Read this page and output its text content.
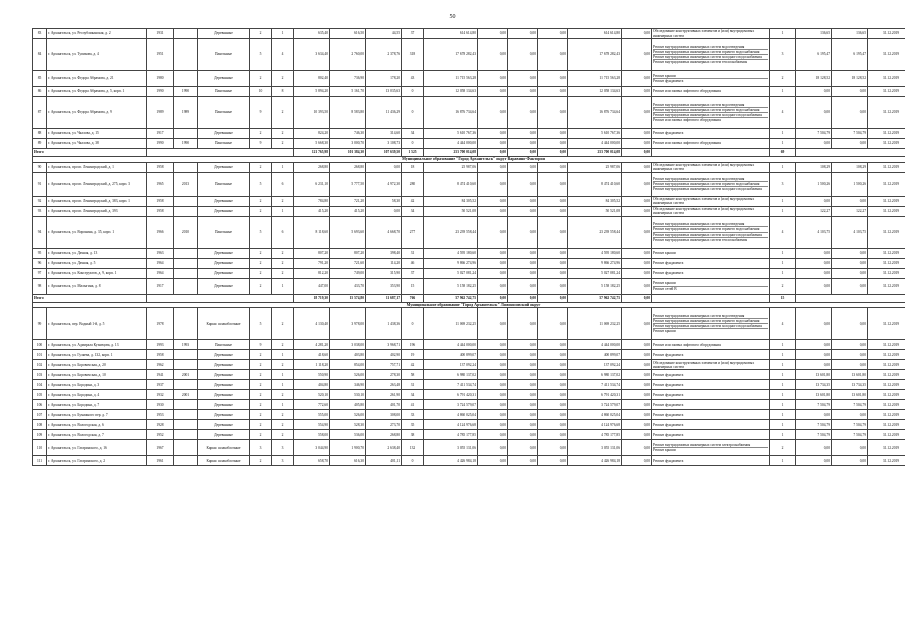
50
83	г. Архангельск, ул. Республиканская, д. 2	1931		Деревянные	2	1	635,40	616,50	44,55	37	614 614,80	0,00	0,00	0,00	614 614,80	0,00	Обследование конструктивных элементов и (или) внутридомовых инженерных систем	1	136,65	136,65	31.12.2019
84	г. Архангельск, ул. Тупикова, д. 4	1951		Панельные	5	4	3 634,40	2 760,00	2 378,76	318	17 678 282,43	0,00	0,00	0,00	17 678 282,43	0,00	Ремонт внутридомовых инженерных систем водоотведения
Ремонт внутридомовых инженерных систем горячего водоснабжения
Ремонт внутридомовых инженерных систем холодного водоснабжения
Ремонт внутридомовых инженерных систем теплоснабжения	3	6 195,47	6 195,47	31.12.2019
85	г. Архангельск, ул. Федора Абрамова, д. 21	1980		Деревянные	2	2	802,40	736,90	178,20	43	11 715 563,28	0,00	0,00	0,00	11 715 563,28	0,00	Ремонт крыши
Ремонт фундамента	2	18 128,52	18 128,52	31.12.2019
86	г. Архангельск, ул. Федора Абрамова, д. 5, корп. 1	1990	1990	Панельные	10	8	5 894,20	5 161,70	13 035,63	0	12 058 134,63	0,00	0,00	0,00	12 058 134,63	0,00	Ремонт или замена лифтового оборудования	1	0,00	0,00	31.12.2019
87	г. Архангельск, ул. Федора Абрамова, д. 9	1989	1989	Панельные	9	2	10 393,50	8 583,80	11 436,29	0	16 876 734,64	0,00	0,00	0,00	16 876 734,64	0,00	Ремонт внутридомовых инженерных систем водоотведения
Ремонт внутридомовых инженерных систем горячего водоснабжения
Ремонт внутридомовых инженерных систем холодного водоснабжения
Ремонт или замена лифтового оборудования	4	0,00	0,00	31.12.2019
88	г. Архангельск, ул. Чкалова, д. 15	1917		Деревянные	2	2	824,20	746,30	314,60	34	5 610 767,36	0,00	0,00	0,00	5 610 767,36	0,00	Ремонт фундамента	1	7 504,79	7 504,79	31.12.2019
89	г. Архангельск, ул. Чкалова, д. 38	1990	1990	Панельные	9	2	5 668,30	3 000,70	3 108,73	0	4 444 000,00	0,00	0,00	0,00	4 444 000,00	0,00	Ремонт или замена лифтового оборудования	1	0,00	0,00	31.12.2019
Итого							121 765,98	101 384,30	107 639,50	1 525	253 700 014,08	0,00	0,00	0,00	253 700 014,08	0,00		69			
Муниципальное образование "Город Архангельск" округ Варавино-Фактория																					
90	г. Архангельск, просп. Ленинградский, д. 1	1958		Деревянные	2	1	268,80	268,80	0,00	18	25 987,06	0,00	0,00	0,00	25 987,06	0,00	Обследование конструктивных элементов и (или) внутридомовых инженерных систем	1	108,29	108,29	31.12.2019
91	г. Архангельск, просп. Ленинградский, д. 275, корп. 3	1965	2013	Панельные	5	6	6 231,10	5 777,50	4 972,30	280	8 474 410,60	0,00	0,00	0,00	8 474 410,60	0,00	Ремонт внутридомовых инженерных систем водоотведения
Ремонт внутридомовых инженерных систем горячего водоснабжения
Ремонт внутридомовых инженерных систем холодного водоснабжения	3	1 500,26	1 500,26	31.12.2019
92	г. Архангельск, просп. Ленинградский, д. 383, корп. 1	1958		Деревянные	2	2	784,80	721,20	58,30	42	84 305,52	0,00	0,00	0,00	84 305,52	0,00	Обследование конструктивных элементов и (или) внутридомовых инженерных систем	1	0,00	0,00	31.12.2019
93	г. Архангельск, просп. Ленинградский, д. 393	1958		Деревянные	2	1	415,20	415,20	0,00	34	50 521,08	0,00	0,00	0,00	50 521,08	0,00	Обследование конструктивных элементов и (или) внутридомовых инженерных систем	1	122,27	122,27	31.12.2019
94	г. Архангельск, ул. Воронина, д. 35, корп. 1	1966	2010	Панельные	5	6	8 118,60	5 693,60	4 668,70	277	23 239 558,44	0,00	0,00	0,00	23 239 558,44	0,00	Ремонт внутридомовых инженерных систем водоотведения
Ремонт внутридомовых инженерных систем горячего водоснабжения
Ремонт внутридомовых инженерных систем холодного водоснабжения
Ремонт внутридомовых инженерных систем теплоснабжения	4	4 103,75	4 103,75	31.12.2019
95	г. Архангельск, ул. Дачная, д. 13	1963		Деревянные	2	2	807,20	807,20	398,40	31	4 595 180,60	0,00	0,00	0,00	4 595 180,60	0,00	Ремонт крыши	1	0,00	0,00	31.12.2019
96	г. Архангельск, ул. Дачная, д. 5	1964		Деревянные	2	2	791,20	721,60	114,20	46	9 866 274,96	0,00	0,00	0,00	9 866 274,96	0,00	Ремонт фундамента	1	0,00	0,00	31.12.2019
97	г. Архангельск, ул. Конструктов, д. 9, корп. 1	1964		Деревянные	2	2	812,20	749,00	315,90	37	5 027 081,24	0,00	0,00	0,00	5 027 081,24	0,00	Ремонт фундамента	1	0,00	0,00	31.12.2019
98	г. Архангельск, ул. Малыгина, д. 8	1917		Деревянные	2	1	447,00	433,70	353,90	15	5 158 182,25	0,00	0,00	0,00	5 158 182,25	0,00	Ремонт крыши
Ремонт сетей В	2	0,00	0,00	31.12.2019
Итого							18 719,30	15 574,80	11 687,17	766	57 962 742,75	0,00	0,00	0,00	57 962 742,75	0,00		15			
Муниципальное образование "Город Архангельск" Ломоносовский округ																					
99	г. Архангельск, пер. Водный 1-й, д. 5	1978		Каркас шлакоблочные	5	2	4 130,40	3 978,00	1 438,36	0	11 069 232,25	0,00	0,00	0,00	11 069 232,25	0,00	Ремонт внутридомовых инженерных систем водоотведения
Ремонт внутридомовых инженерных систем горячего водоснабжения
Ремонт внутридомовых инженерных систем холодного водоснабжения
Ремонт крыши	4	0,00	0,00	31.12.2019
100	г. Архангельск, ул. Адмирала Кузнецова, д. 13	1993	1993	Панельные	9	2	4 281,20	3 038,00	3 968,71	196	4 444 000,00	0,00	0,00	0,00	4 444 000,00	0,00	Ремонт или замена лифтового оборудования	1	0,00	0,00	31.12.2019
101	г. Архангельск, ул. Гуляева, д. 132, корп. 1	1958		Деревянные	2	1	418,60	403,80	402,90	19	400 899,07	0,00	0,00	0,00	400 899,07	0,00	Ремонт фундамента	1	0,00	0,00	31.12.2019
102	г. Архангельск, ул. Боровичская, д. 20	1962		Деревянные	2	2	1 118,20	854,00	757,71	42	137 092,24	0,00	0,00	0,00	137 092,24	0,00	Обследование конструктивных элементов и (или) внутридомовых инженерных систем	1	0,00	0,00	31.12.2019
103	г. Архангельск, ул. Боровичская, д. 10	1941	2001	Деревянные	2	1	550,90	526,00	278,30	58	6 980 137,02	0,00	0,00	0,00	6 980 137,02	0,00	Ремонт фундамента	1	13 601,80	13 601,80	31.12.2019
104	г. Архангельск, ул. Бородина, д. 3	1937		Деревянные	2	1	404,80	346,90	263,48	31	7 411 534,74	0,00	0,00	0,00	7 411 534,74	0,00	Ремонт фундамента	1	13 734,35	13 734,35	31.12.2019
105	г. Архангельск, ул. Бородина, д. 4	1932	2001	Деревянные	2	2	520,10	530,10	261,90	34	6 791 420,31	0,00	0,00	0,00	6 791 420,31	0,00	Ремонт фундамента	1	13 601,80	13 601,80	31.12.2019
106	г. Архангельск, ул. Бородина, д. 7	1930		Деревянные	2	1	772,60	405,80	401,70	41	3 724 579,07	0,00	0,00	0,00	3 724 579,07	0,00	Ремонт фундамента	1	7 504,79	7 504,79	31.12.2019
107	г. Архангельск, ул. Бумажного пер. д. 7	1953		Деревянные	2	2	555,00	526,00	308,00	33	4 860 025,04	0,00	0,00	0,00	4 860 025,04	0,00	Ремонт фундамента	1	0,00	0,00	31.12.2019
108	г. Архангельск, ул. Вологодская, д. 6	1928		Деревянные	2	2	554,90	528,30	273,70	35	4 124 976,68	0,00	0,00	0,00	4 124 976,68	0,00	Ремонт фундамента	1	7 504,79	7 504,79	31.12.2019
109	г. Архангельск, ул. Вологодская, д. 7	1952		Деревянные	2	2	558,00	536,00	268,80	38	4 785 177,85	0,00	0,00	0,00	4 785 177,85	0,00	Ремонт фундамента	1	7 504,79	7 504,79	31.12.2019
110	г. Архангельск, ул. Гагаринского, д. 16	1967		Каркас шлакоблочные	3	3	3 044,90	1 900,70	2 638,40	132	3 055 131,06	0,00	0,00	0,00	3 055 131,06	0,00	Ремонт внутридомовых инженерных систем электроснабжения
Ремонт крыши	2	0,00	0,00	31.12.2019
111	г. Архангельск, ул. Гагаринского, д. 2	1961		Каркас шлакоблочные	2	3	658,70	616,30	401,11	0	4 426 984,18	0,00	0,00	0,00	4 426 984,18	0,00	Ремонт фундамента	1	0,00	0,00	31.12.2019
